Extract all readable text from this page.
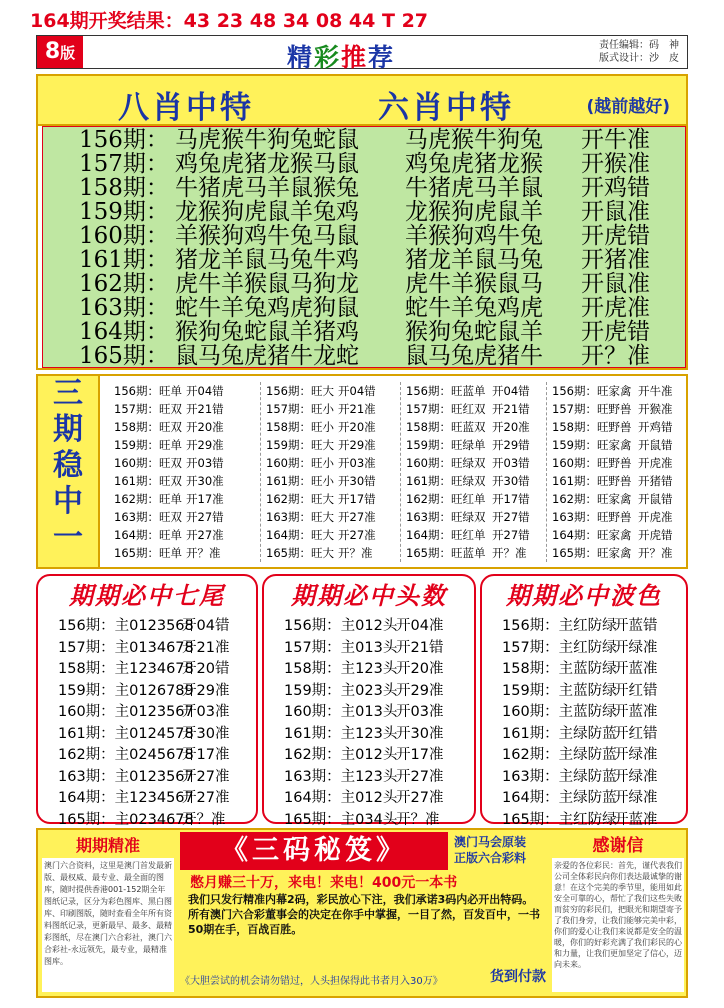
164期开奖结果：43 23 48 34 08 44 T 27
8版	精彩推荐	责任编辑：码　神
版式设计：沙　皮
八肖中特	六肖中特	(越前越好)
156期： 马虎猴牛狗兔蛇鼠 马虎猴牛狗兔 开牛准
157期： 鸡兔虎猪龙猴马鼠 鸡兔虎猪龙猴 开猴准
158期： 牛猪虎马羊鼠猴兔 牛猪虎马羊鼠 开鸡错
159期： 龙猴狗虎鼠羊兔鸡 龙猴狗虎鼠羊 开鼠准
160期： 羊猴狗鸡牛兔马鼠 羊猴狗鸡牛兔 开虎错
161期： 猪龙羊鼠马兔牛鸡 猪龙羊鼠马兔 开猪准
162期： 虎牛羊猴鼠马狗龙 虎牛羊猴鼠马 开鼠准
163期： 蛇牛羊兔鸡虎狗鼠 蛇牛羊兔鸡虎 开虎准
164期： 猴狗兔蛇鼠羊猪鸡 猴狗兔蛇鼠羊 开虎错
165期： 鼠马兔虎猪牛龙蛇 鼠马兔虎猪牛 开？准
三
期
稳
中
一
156期：旺单 开04错
157期：旺双 开21错
158期：旺双 开20准
159期：旺单 开29准
160期：旺双 开03错
161期：旺双 开30准
162期：旺单 开17准
163期：旺双 开27错
164期：旺单 开27准
165期：旺单 开？准
156期：旺大 开04错
157期：旺小 开21准
158期：旺小 开20准
159期：旺大 开29准
160期：旺小 开03准
161期：旺小 开30错
162期：旺大 开17错
163期：旺大 开27准
164期：旺大 开27准
165期：旺大 开？准
156期：旺蓝单 开04错
157期：旺红双 开21错
158期：旺蓝双 开20准
159期：旺绿单 开29错
160期：旺绿双 开03错
161期：旺绿双 开30错
162期：旺红单 开17错
163期：旺绿双 开27错
164期：旺红单 开27错
165期：旺蓝单 开？准
156期：旺家禽 开牛准
157期：旺野兽 开猴准
158期：旺野兽 开鸡错
159期：旺家禽 开鼠错
160期：旺野兽 开虎准
161期：旺野兽 开猪错
162期：旺家禽 开鼠错
163期：旺野兽 开虎准
164期：旺家禽 开虎错
165期：旺家禽 开？准
期期必中七尾
156期：主0123568开04错
157期：主0134678开21准
158期：主1234678开20错
159期：主0126789开29准
160期：主0123567开03准
161期：主0124578开30准
162期：主0245678开17准
163期：主0123567开27准
164期：主1234567开27准
165期：主0234678开？准
期期必中头数
156期：主012头开04准
157期：主013头开21错
158期：主123头开20准
159期：主023头开29准
160期：主013头开03准
161期：主123头开30准
162期：主012头开17准
163期：主123头开27准
164期：主012头开27准
165期：主034头开？准
期期必中波色
156期：主红防绿开蓝错
157期：主红防绿开绿准
158期：主蓝防绿开蓝准
159期：主蓝防绿开红错
160期：主蓝防绿开蓝准
161期：主绿防蓝开红错
162期：主绿防蓝开绿准
163期：主绿防蓝开绿准
164期：主绿防蓝开绿准
165期：主红防绿开蓝准
期期精准
澳门六合资料，这里是澳门首发最新版、最权威、最专业、最全面的图库，随时提供香港001-152期全年图纸记录，区分为彩色图库、黑白图库、印刷图版，随时查看全年所有资料图纸记录，更新最早、最多、最精彩图纸，尽在澳门六合彩社，澳门六合彩社-永远领先，最专业，最精准图库。
《三码秘笈》	澳门马会原装
正版六合彩料
憋月赚三十万，来电！来电！400元一本书
我们只发行精准内幕2码，彩民放心下注，我们承诺3码内必开出特码。所有澳门六合彩董事会的决定在你手中掌握，一目了然，百发百中，一书50期在手，百战百胜。
《大胆尝试的机会请勿错过，人头担保得此书者月入30万》	货到付款
感谢信
亲爱的各位彩民：首先，谨代表我们公司全体彩民向你们表达最诚挚的谢意！在这个完美的季节里，能用如此安全可靠的心，帮忙了我们这些失败而贫穷的彩民们，把眼光和期望寄予了我们身旁，让我们能够完美中彩，你们的爱心让我们来说都是安全的温暖，你们的好彩充满了我们彩民的心和力量，让我们更加坚定了信心，迈向未来。
